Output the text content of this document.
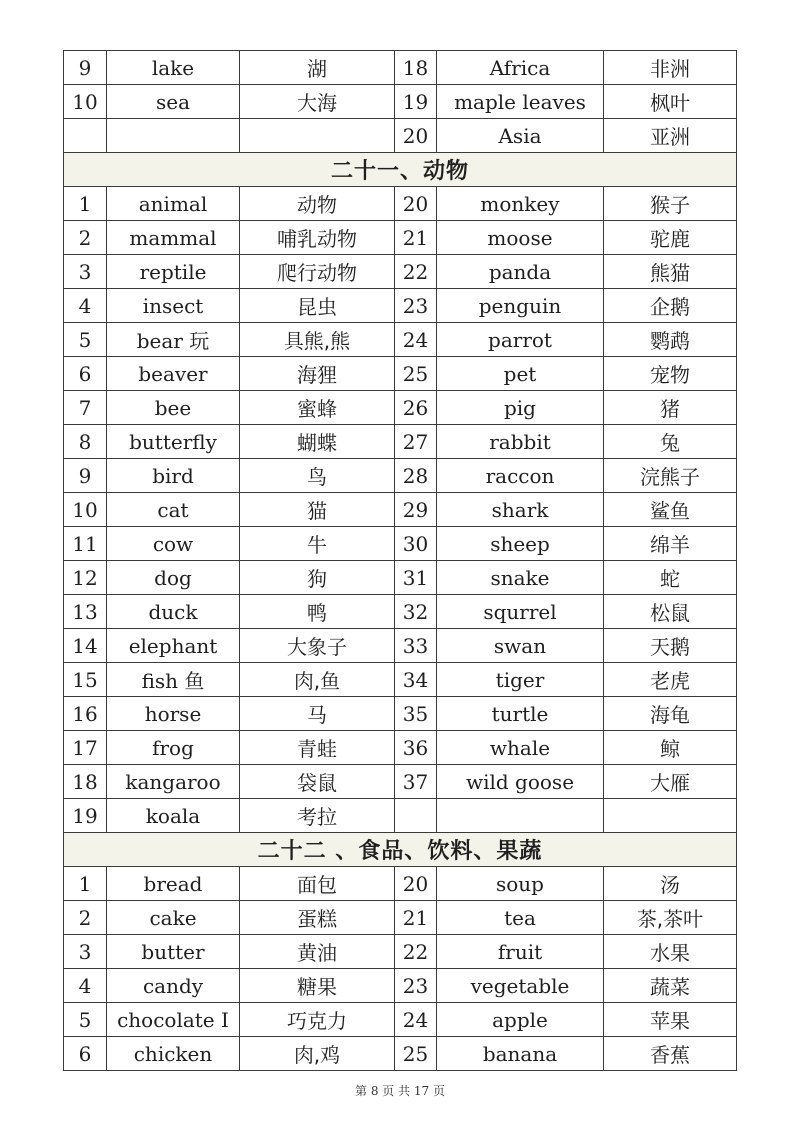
9	lake	湖	18	Africa	非洲
10	sea	大海	19	maple leaves	枫叶
			20	Asia	亚洲
二十一、动物					
1	animal	动物	20	monkey	猴子
2	mammal	哺乳动物	21	moose	驼鹿
3	reptile	爬行动物	22	panda	熊猫
4	insect	昆虫	23	penguin	企鹅
5	bear 玩	具熊,熊	24	parrot	鹦鹉
6	beaver	海狸	25	pet	宠物
7	bee	蜜蜂	26	pig	猪
8	butterfly	蝴蝶	27	rabbit	兔
9	bird	鸟	28	raccon	浣熊子
10	cat	猫	29	shark	鲨鱼
11	cow	牛	30	sheep	绵羊
12	dog	狗	31	snake	蛇
13	duck	鸭	32	squrrel	松鼠
14	elephant	大象子	33	swan	天鹅
15	fish 鱼	肉,鱼	34	tiger	老虎
16	horse	马	35	turtle	海龟
17	frog	青蛙	36	whale	鲸
18	kangaroo	袋鼠	37	wild goose	大雁
19	koala	考拉			
二十二 、食品、饮料、果蔬					
1	bread	面包	20	soup	汤
2	cake	蛋糕	21	tea	茶,茶叶
3	butter	黄油	22	fruit	水果
4	candy	糖果	23	vegetable	蔬菜
5	chocolate I	巧克力	24	apple	苹果
6	chicken	肉,鸡	25	banana	香蕉
第 8 页 共 17 页
